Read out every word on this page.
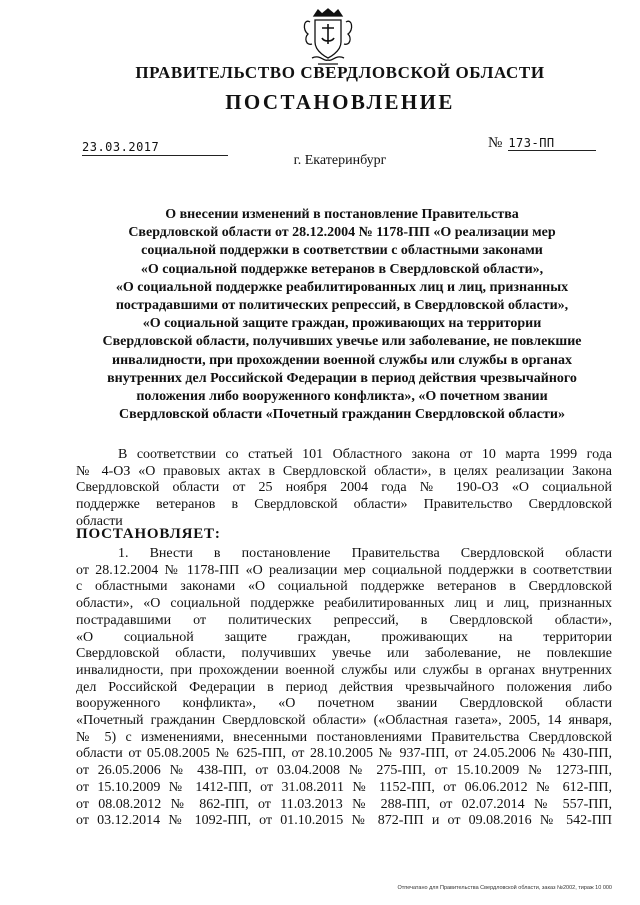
ПРАВИТЕЛЬСТВО СВЕРДЛОВСКОЙ ОБЛАСТИ
ПОСТАНОВЛЕНИЕ
23.03.2017	№ 173-ПП
г. Екатеринбург
О внесении изменений в постановление Правительства
Свердловской области от 28.12.2004 № 1178-ПП «О реализации мер
социальной поддержки в соответствии с областными законами
«О социальной поддержке ветеранов в Свердловской области»,
«О социальной поддержке реабилитированных лиц и лиц, признанных
пострадавшими от политических репрессий, в Свердловской области»,
«О социальной защите граждан, проживающих на территории
Свердловской области, получивших увечье или заболевание, не повлекшие
инвалидности, при прохождении военной службы или службы в органах
внутренних дел Российской Федерации в период действия чрезвычайного
положения либо вооруженного конфликта», «О почетном звании
Свердловской области «Почетный гражданин Свердловской области»
В соответствии со статьей 101 Областного закона от 10 марта 1999 года
№ 4-ОЗ «О правовых актах в Свердловской области», в целях реализации Закона
Свердловской области от 25 ноября 2004 года № 190-ОЗ «О социальной
поддержке ветеранов в Свердловской области» Правительство Свердловской
области
ПОСТАНОВЛЯЕТ:
1. Внести в постановление Правительства Свердловской области
от 28.12.2004 № 1178-ПП «О реализации мер социальной поддержки в соответствии
с областными законами «О социальной поддержке ветеранов в Свердловской
области», «О социальной поддержке реабилитированных лиц и лиц, признанных
пострадавшими от политических репрессий, в Свердловской области»,
«О социальной защите граждан, проживающих на территории
Свердловской области, получивших увечье или заболевание, не повлекшие
инвалидности, при прохождении военной службы или службы в органах внутренних
дел Российской Федерации в период действия чрезвычайного положения либо
вооруженного конфликта», «О почетном звании Свердловской области
«Почетный гражданин Свердловской области» («Областная газета», 2005, 14 января,
№ 5) с изменениями, внесенными постановлениями Правительства Свердловской
области от 05.08.2005 № 625-ПП, от 28.10.2005 № 937-ПП, от 24.05.2006 № 430-ПП,
от 26.05.2006 № 438-ПП, от 03.04.2008 № 275-ПП, от 15.10.2009 № 1273-ПП,
от 15.10.2009 № 1412-ПП, от 31.08.2011 № 1152-ПП, от 06.06.2012 № 612-ПП,
от 08.08.2012 № 862-ПП, от 11.03.2013 № 288-ПП, от 02.07.2014 № 557-ПП,
от 03.12.2014 № 1092-ПП, от 01.10.2015 № 872-ПП и от 09.08.2016 № 542-ПП
Отпечатано для Правительства Свердловской области, заказ №2002, тираж 10 000
